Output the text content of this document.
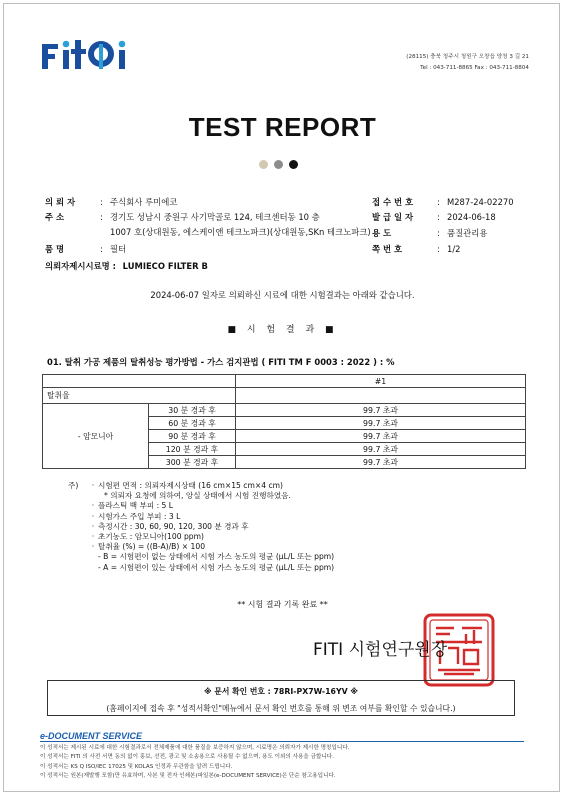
(28115) 충북 청주시 청원구 오창읍 양청 3 길 21
Tel : 043-711-8865 Fax : 043-711-8804
TEST REPORT
의 뢰 자	: 주식회사 루미에코
주 소	: 경기도 성남시 중원구 사기막골로 124, 테크센터동 10 층
1007 호(상대원동, 에스케이앤 테크노파크)(상대원동,SKn 테크노파크)
품 명	: 필터
의뢰자제시시료명 : LUMIECO FILTER B
접 수 번 호	: M287-24-02270
발 급 일 자	: 2024-06-18
용 도	: 품질관리용
쪽 번 호	: 1/2
2024-06-07 일자로 의뢰하신 시료에 대한 시험결과는 아래와 같습니다.
■ 시 험 결 과 ■
01. 탈취 가공 제품의 탈취성능 평가방법 - 가스 검지관법 ( FITI TM F 0003 : 2022 ) : %
		#1
탈취율		
- 암모니아	30 분 경과 후	99.7 초과
	60 분 경과 후	99.7 초과
	90 분 경과 후	99.7 초과
	120 분 경과 후	99.7 초과
	300 분 경과 후	99.7 초과
주)	· 시험편 면적 : 의뢰자제시상태 (16 cm×15 cm×4 cm)
* 의뢰자 요청에 의하여, 앙실 상태에서 시험 진행하였음.
· 플라스틱 백 부피 : 5 L
· 시험가스 주입 부피 : 3 L
· 측정시간 : 30, 60, 90, 120, 300 분 경과 후
· 초기농도 : 암모니아(100 ppm)
· 탈취율 (%) = ((B-A)/B) × 100
- B = 시험편이 없는 상태에서 시험 가스 농도의 평균 (μL/L 또는 ppm)
- A = 시험편이 있는 상태에서 시험 가스 농도의 평균 (μL/L 또는 ppm)
** 시험 결과 기록 완료 **
FITI 시험연구원장
※ 문서 확인 번호 : 78RI-PX7W-16YV ※
(홈페이지에 접속 후 "성적서확인"메뉴에서 문서 확인 번호를 통해 위 변조 여부를 확인할 수 있습니다.)
e-DOCUMENT SERVICE
이 성적서는 제시된 시료에 대한 시험결과로서 전체제품에 대한 품질을 보증하지 않으며, 시료명은 의뢰자가 제시한 명칭입니다.
이 성적서는 FITI 의 사전 서면 동의 없이 홍보, 선전, 광고 및 소송용으로 사용될 수 없으며, 용도 이외의 사용을 금합니다.
이 성적서는 KS Q ISO/IEC 17025 및 KOLAS 인정과 무관함을 알려 드립니다.
이 성적서는 원본(재발행 포함)만 유효하며, 사본 및 전자 인쇄본(파일본(e-DOCUMENT SERVICE)은 단순 참고용입니다.
